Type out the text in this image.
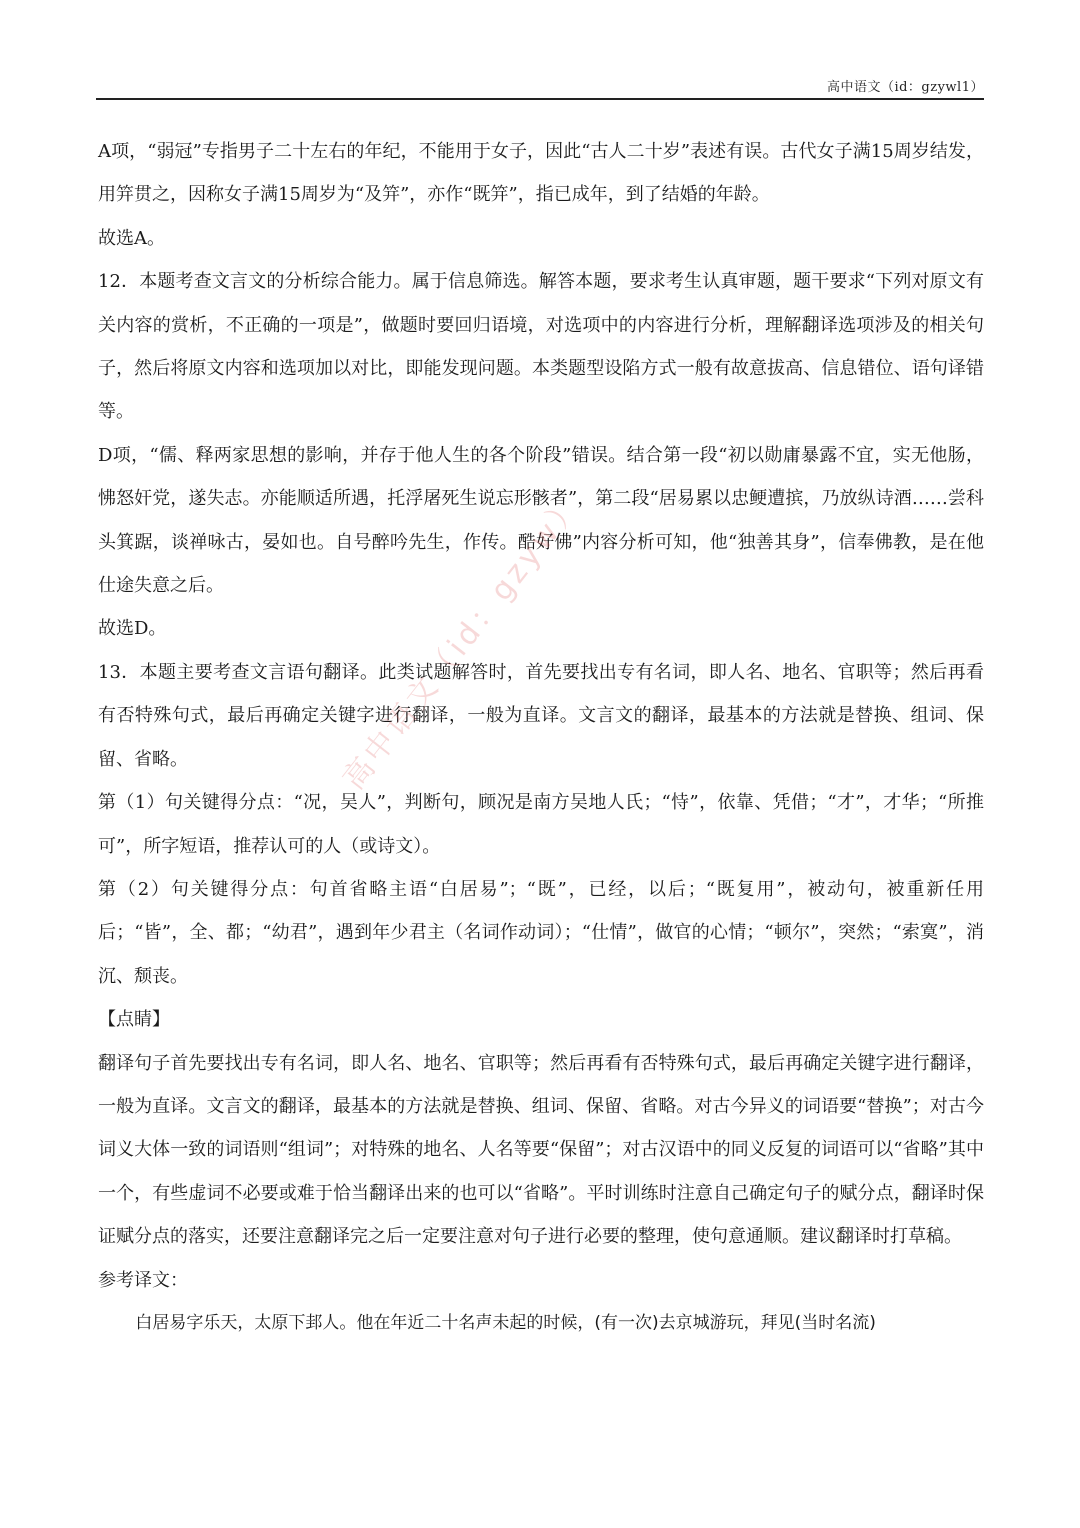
高中语文（id：gzywl1）

A项，“弱冠”专指男子二十左右的年纪，不能用于女子，因此“古人二十岁”表述有误。古代女子满15周岁结发，用笄贯之，因称女子满15周岁为“及笄”，亦作“既笄”，指已成年，到了结婚的年龄。

故选A。

12．本题考查文言文的分析综合能力。属于信息筛选。解答本题，要求考生认真审题，题干要求“下列对原文有关内容的赏析，不正确的一项是”，做题时要回归语境，对选项中的内容进行分析，理解翻译选项涉及的相关句子，然后将原文内容和选项加以对比，即能发现问题。本类题型设陷方式一般有故意拔高、信息错位、语句译错等。

D项，“儒、释两家思想的影响，并存于他人生的各个阶段”错误。结合第一段“初以勋庸暴露不宜，实无他肠，怫怒奸党，遂失志。亦能顺适所遇，托浮屠死生说忘形骸者”，第二段“居易累以忠鲠遭摈，乃放纵诗酒……尝科头箕踞，谈禅咏古，晏如也。自号醉吟先生，作传。酷好佛”内容分析可知，他“独善其身”，信奉佛教，是在他仕途失意之后。

故选D。

13．本题主要考查文言语句翻译。此类试题解答时，首先要找出专有名词，即人名、地名、官职等；然后再看有否特殊句式，最后再确定关键字进行翻译，一般为直译。文言文的翻译，最基本的方法就是替换、组词、保留、省略。

第（1）句关键得分点：“况，吴人”，判断句，顾况是南方吴地人氏；“恃”，依靠、凭借；“才”，才华；“所推可”，所字短语，推荐认可的人（或诗文）。

第（2）句关键得分点：句首省略主语“白居易”；“既”，已经，以后；“既复用”，被动句，被重新任用后；“皆”，全、都；“幼君”，遇到年少君主（名词作动词）；“仕情”，做官的心情；“顿尔”，突然；“索寞”，消沉、颓丧。

【点睛】

翻译句子首先要找出专有名词，即人名、地名、官职等；然后再看有否特殊句式，最后再确定关键字进行翻译，一般为直译。文言文的翻译，最基本的方法就是替换、组词、保留、省略。对古今异义的词语要“替换”；对古今词义大体一致的词语则“组词”；对特殊的地名、人名等要“保留”；对古汉语中的同义反复的词语可以“省略”其中一个，有些虚词不必要或难于恰当翻译出来的也可以“省略”。平时训练时注意自己确定句子的赋分点，翻译时保证赋分点的落实，还要注意翻译完之后一定要注意对句子进行必要的整理，使句意通顺。建议翻译时打草稿。

参考译文：

白居易字乐天，太原下邽人。他在年近二十名声未起的时候，(有一次)去京城游玩，拜见(当时名流)

高中语文（id：gzyw）
